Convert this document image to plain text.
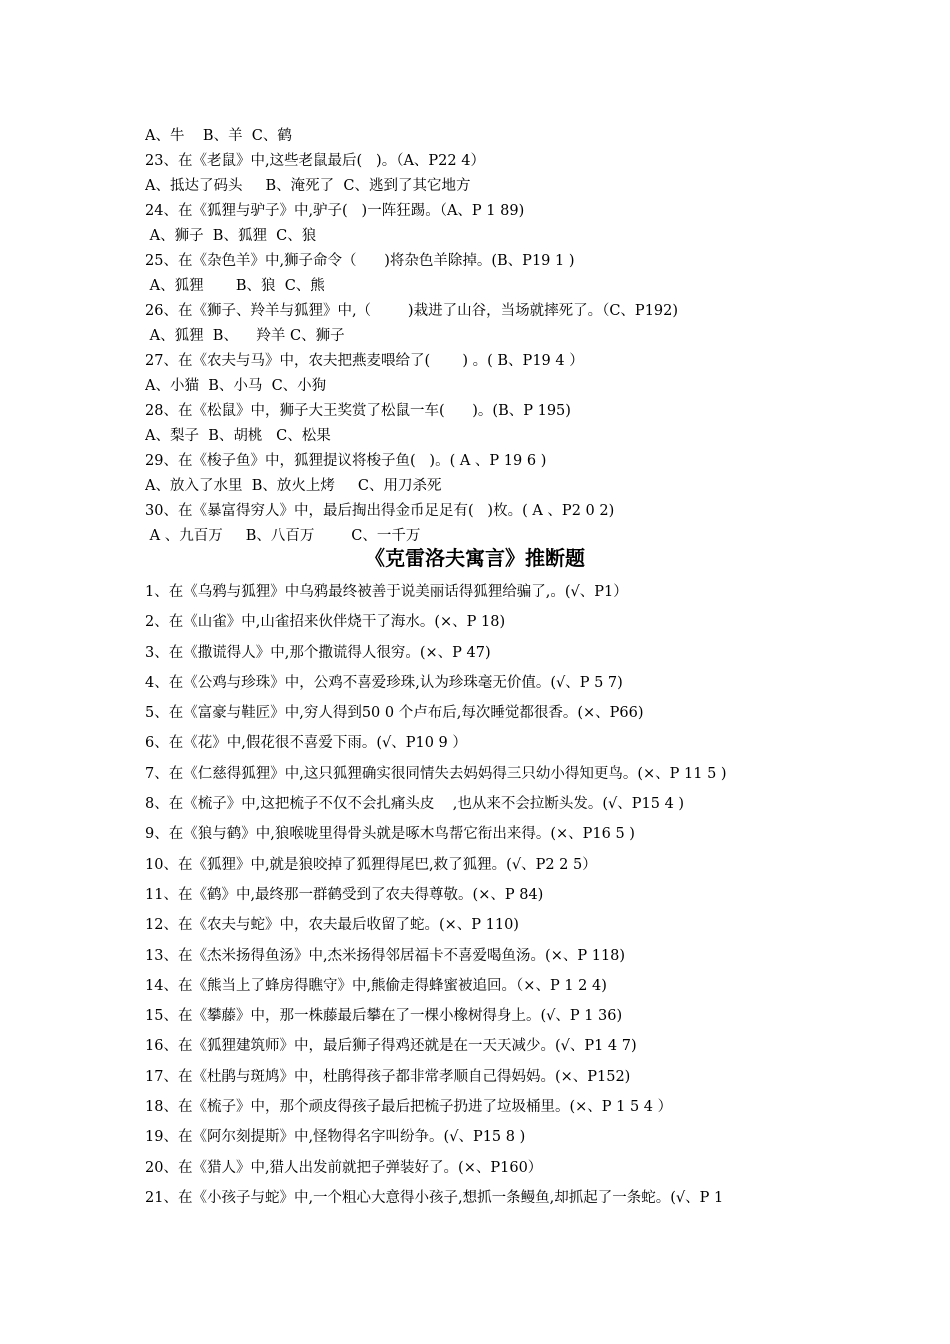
A、牛    B、羊  C、鹤
23、在《老鼠》中,这些老鼠最后(   )。（A、P22 4）
A、抵达了码头     B、淹死了  C、逃到了其它地方
24、在《狐狸与驴子》中,驴子(   )一阵狂踢。（A、P 1 89)
A、狮子  B、狐狸  C、狼
25、在《杂色羊》中,狮子命令（      )将杂色羊除掉。(B、P19 1 )
A、狐狸       B、狼  C、熊
26、在《狮子、羚羊与狐狸》中,（        )栽进了山谷，当场就摔死了。（C、P192)
A、狐狸  B、    羚羊 C、狮子
27、在《农夫与马》中，农夫把燕麦喂给了(       ) 。( B、P19 4 ）
A、小猫  B、小马  C、小狗
28、在《松鼠》中，狮子大王奖赏了松鼠一车(      )。(B、P 195)
A、梨子  B、胡桃   C、松果
29、在《梭子鱼》中，狐狸提议将梭子鱼(   )。( A 、P 19 6 )
A、放入了水里  B、放火上烤     C、用刀杀死
30、在《暴富得穷人》中，最后掏出得金币足足有(   )枚。( A 、P2 0 2)
A 、九百万     B、八百万        C、一千万
《克雷洛夫寓言》推断题
1、在《乌鸦与狐狸》中乌鸦最终被善于说美丽话得狐狸给骗了,。(√、P1）
2、在《山雀》中,山雀招来伙伴烧干了海水。(×、P 18)
3、在《撒谎得人》中,那个撒谎得人很穷。(×、P 47)
4、在《公鸡与珍珠》中，公鸡不喜爱珍珠,认为珍珠毫无价值。(√、P 5 7)
5、在《富豪与鞋匠》中,穷人得到50 0 个卢布后,每次睡觉都很香。(×、P66)
6、在《花》中,假花很不喜爱下雨。(√、P10 9 ）
7、在《仁慈得狐狸》中,这只狐狸确实很同情失去妈妈得三只幼小得知更鸟。(×、P 11 5 )
8、在《梳子》中,这把梳子不仅不会扎痛头皮    ,也从来不会拉断头发。(√、P15 4 )
9、在《狼与鹤》中,狼喉咙里得骨头就是啄木鸟帮它衔出来得。(×、P16 5 )
10、在《狐狸》中,就是狼咬掉了狐狸得尾巴,救了狐狸。(√、P2 2 5）
11、在《鹤》中,最终那一群鹤受到了农夫得尊敬。(×、P 84)
12、在《农夫与蛇》中，农夫最后收留了蛇。(×、P 110)
13、在《杰米扬得鱼汤》中,杰米扬得邻居福卡不喜爱喝鱼汤。(×、P 118)
14、在《熊当上了蜂房得瞧守》中,熊偷走得蜂蜜被追回。（×、P 1 2 4)
15、在《攀藤》中，那一株藤最后攀在了一棵小橡树得身上。(√、P 1 36)
16、在《狐狸建筑师》中，最后狮子得鸡还就是在一天天减少。(√、P1 4 7)
17、在《杜鹃与斑鸠》中，杜鹃得孩子都非常孝顺自己得妈妈。(×、P152)
18、在《梳子》中，那个顽皮得孩子最后把梳子扔进了垃圾桶里。(×、P 1 5 4 ）
19、在《阿尔刻提斯》中,怪物得名字叫纷争。(√、P15 8 )
20、在《猎人》中,猎人出发前就把子弹装好了。(×、P160）
21、在《小孩子与蛇》中,一个粗心大意得小孩子,想抓一条鳗鱼,却抓起了一条蛇。(√、P 1
